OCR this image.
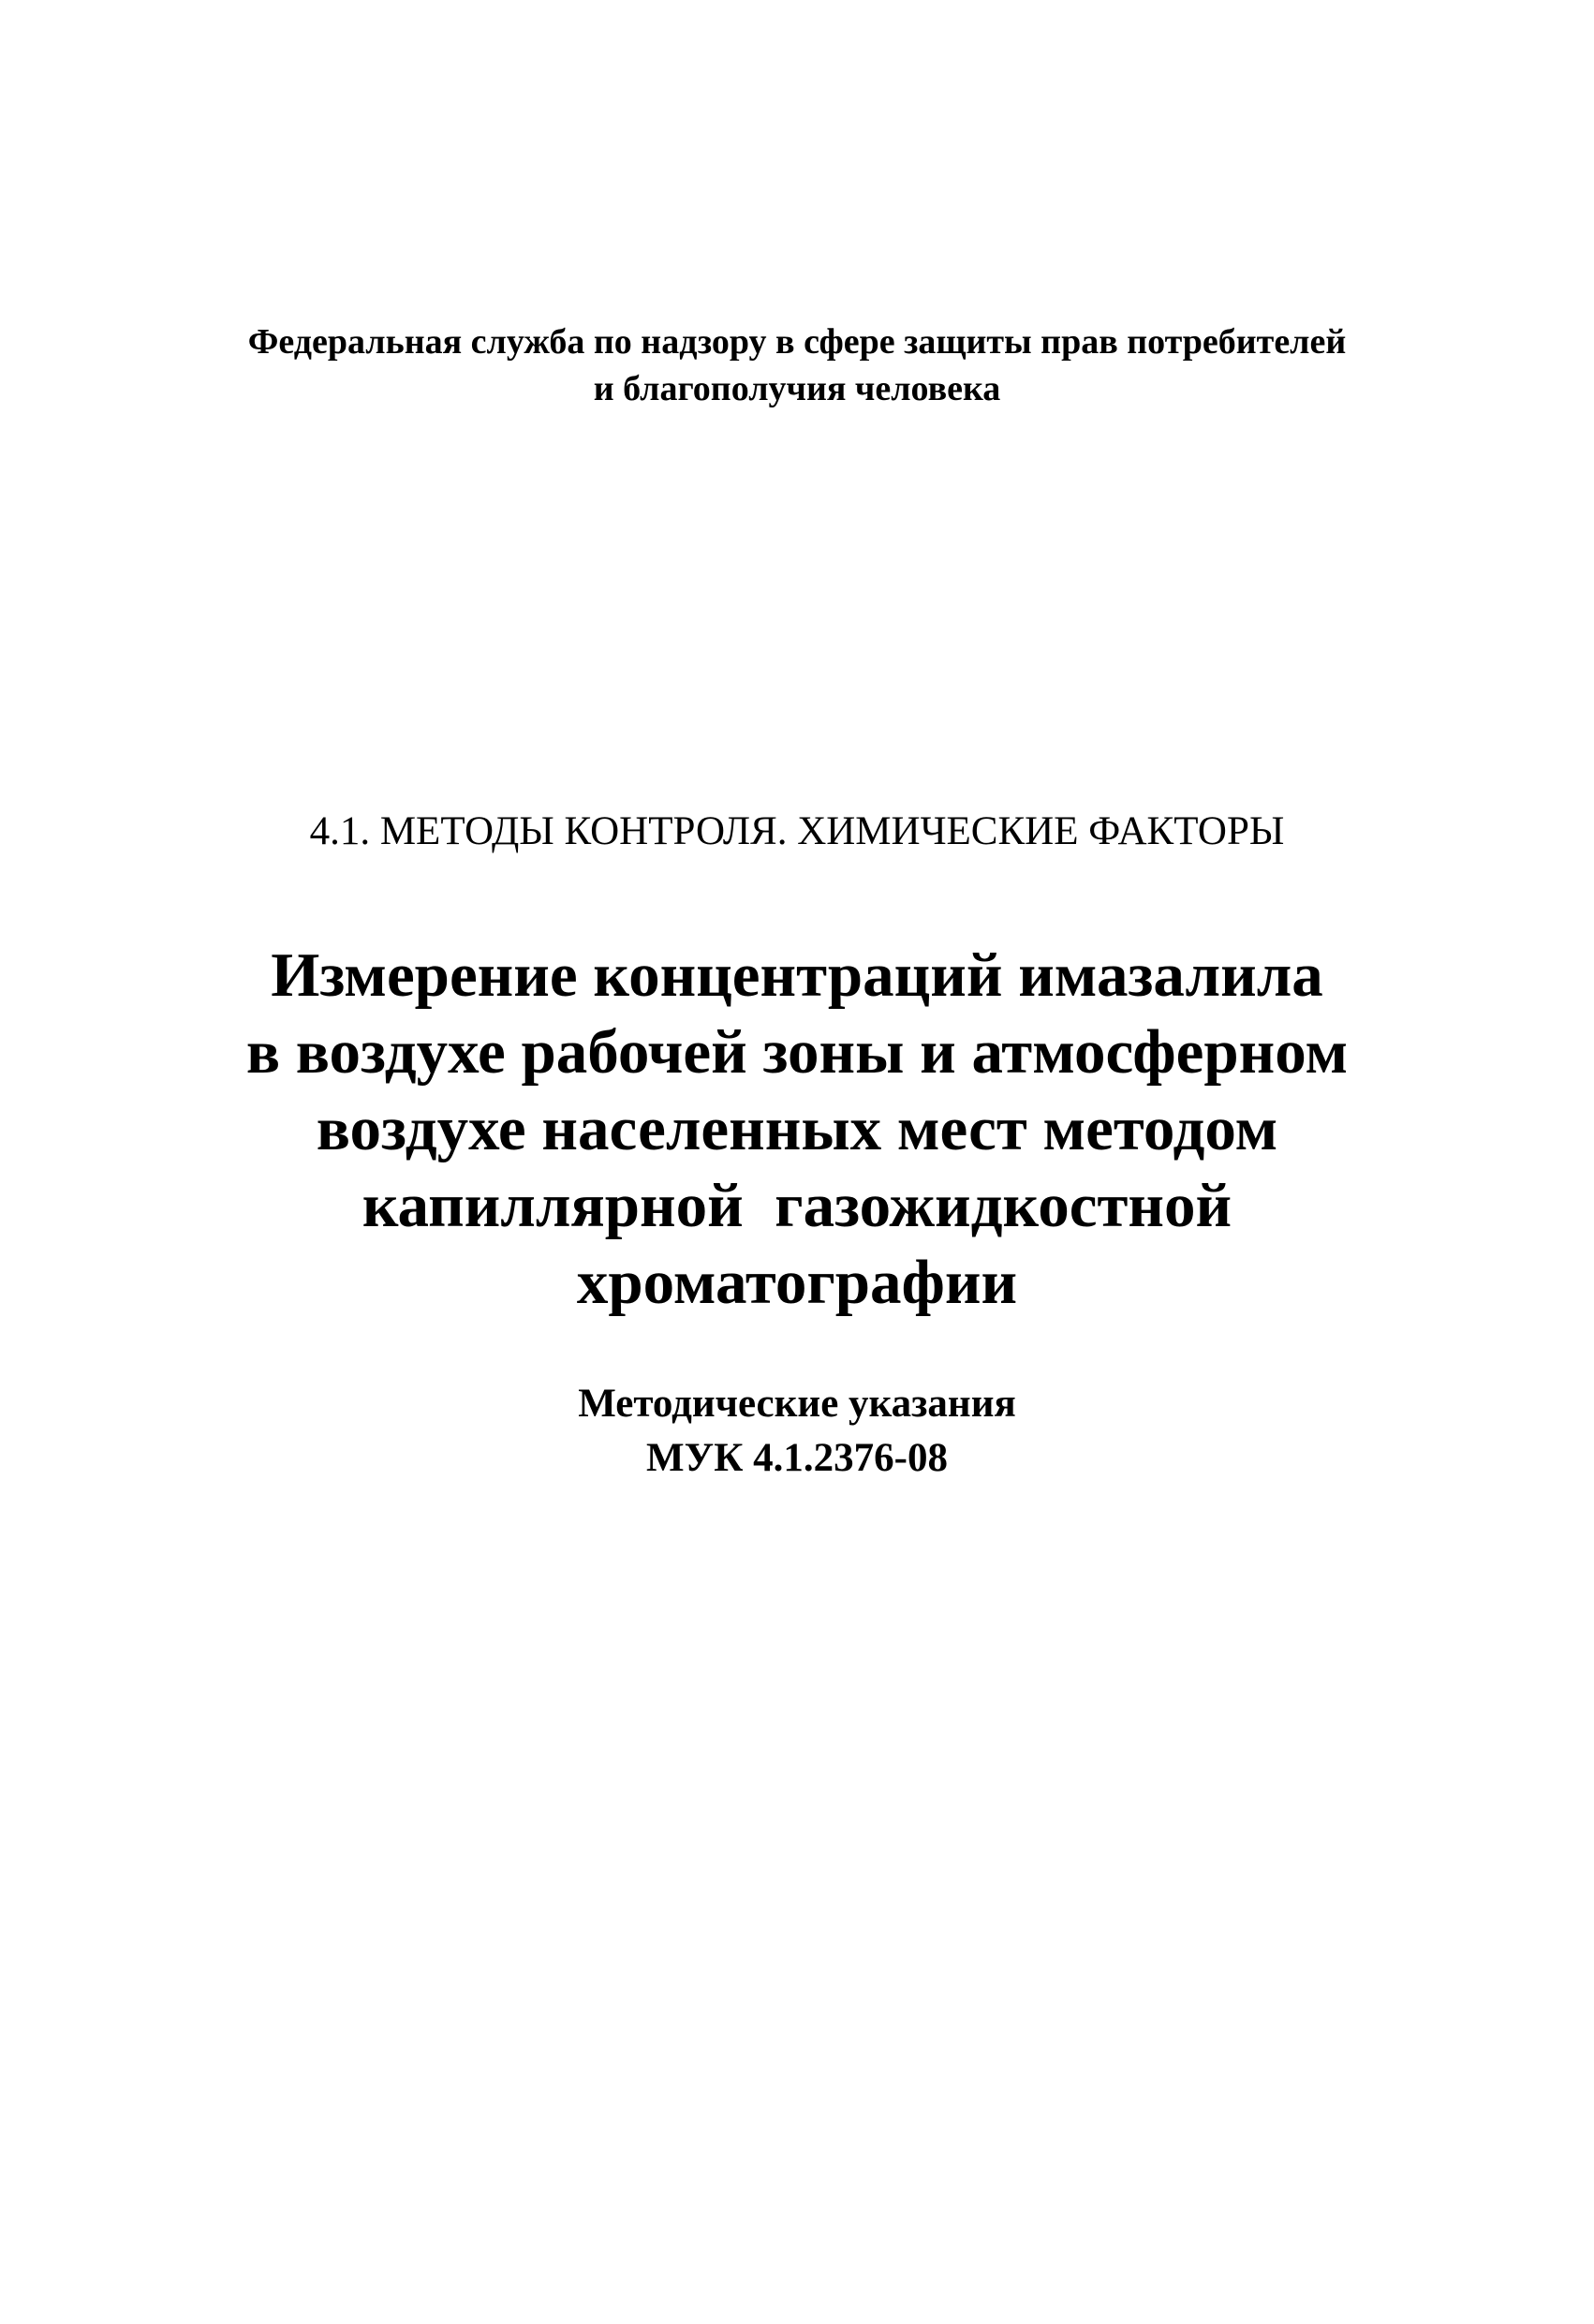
Федеральная служба по надзору в сфере защиты прав потребителей
и благополучия человека
4.1. МЕТОДЫ КОНТРОЛЯ. ХИМИЧЕСКИЕ ФАКТОРЫ
Измерение концентраций имазалила
в воздухе рабочей зоны и атмосферном
воздухе населенных мест методом
капиллярной  газожидкостной
хроматографии
Методические указания
МУК 4.1.2376-08
